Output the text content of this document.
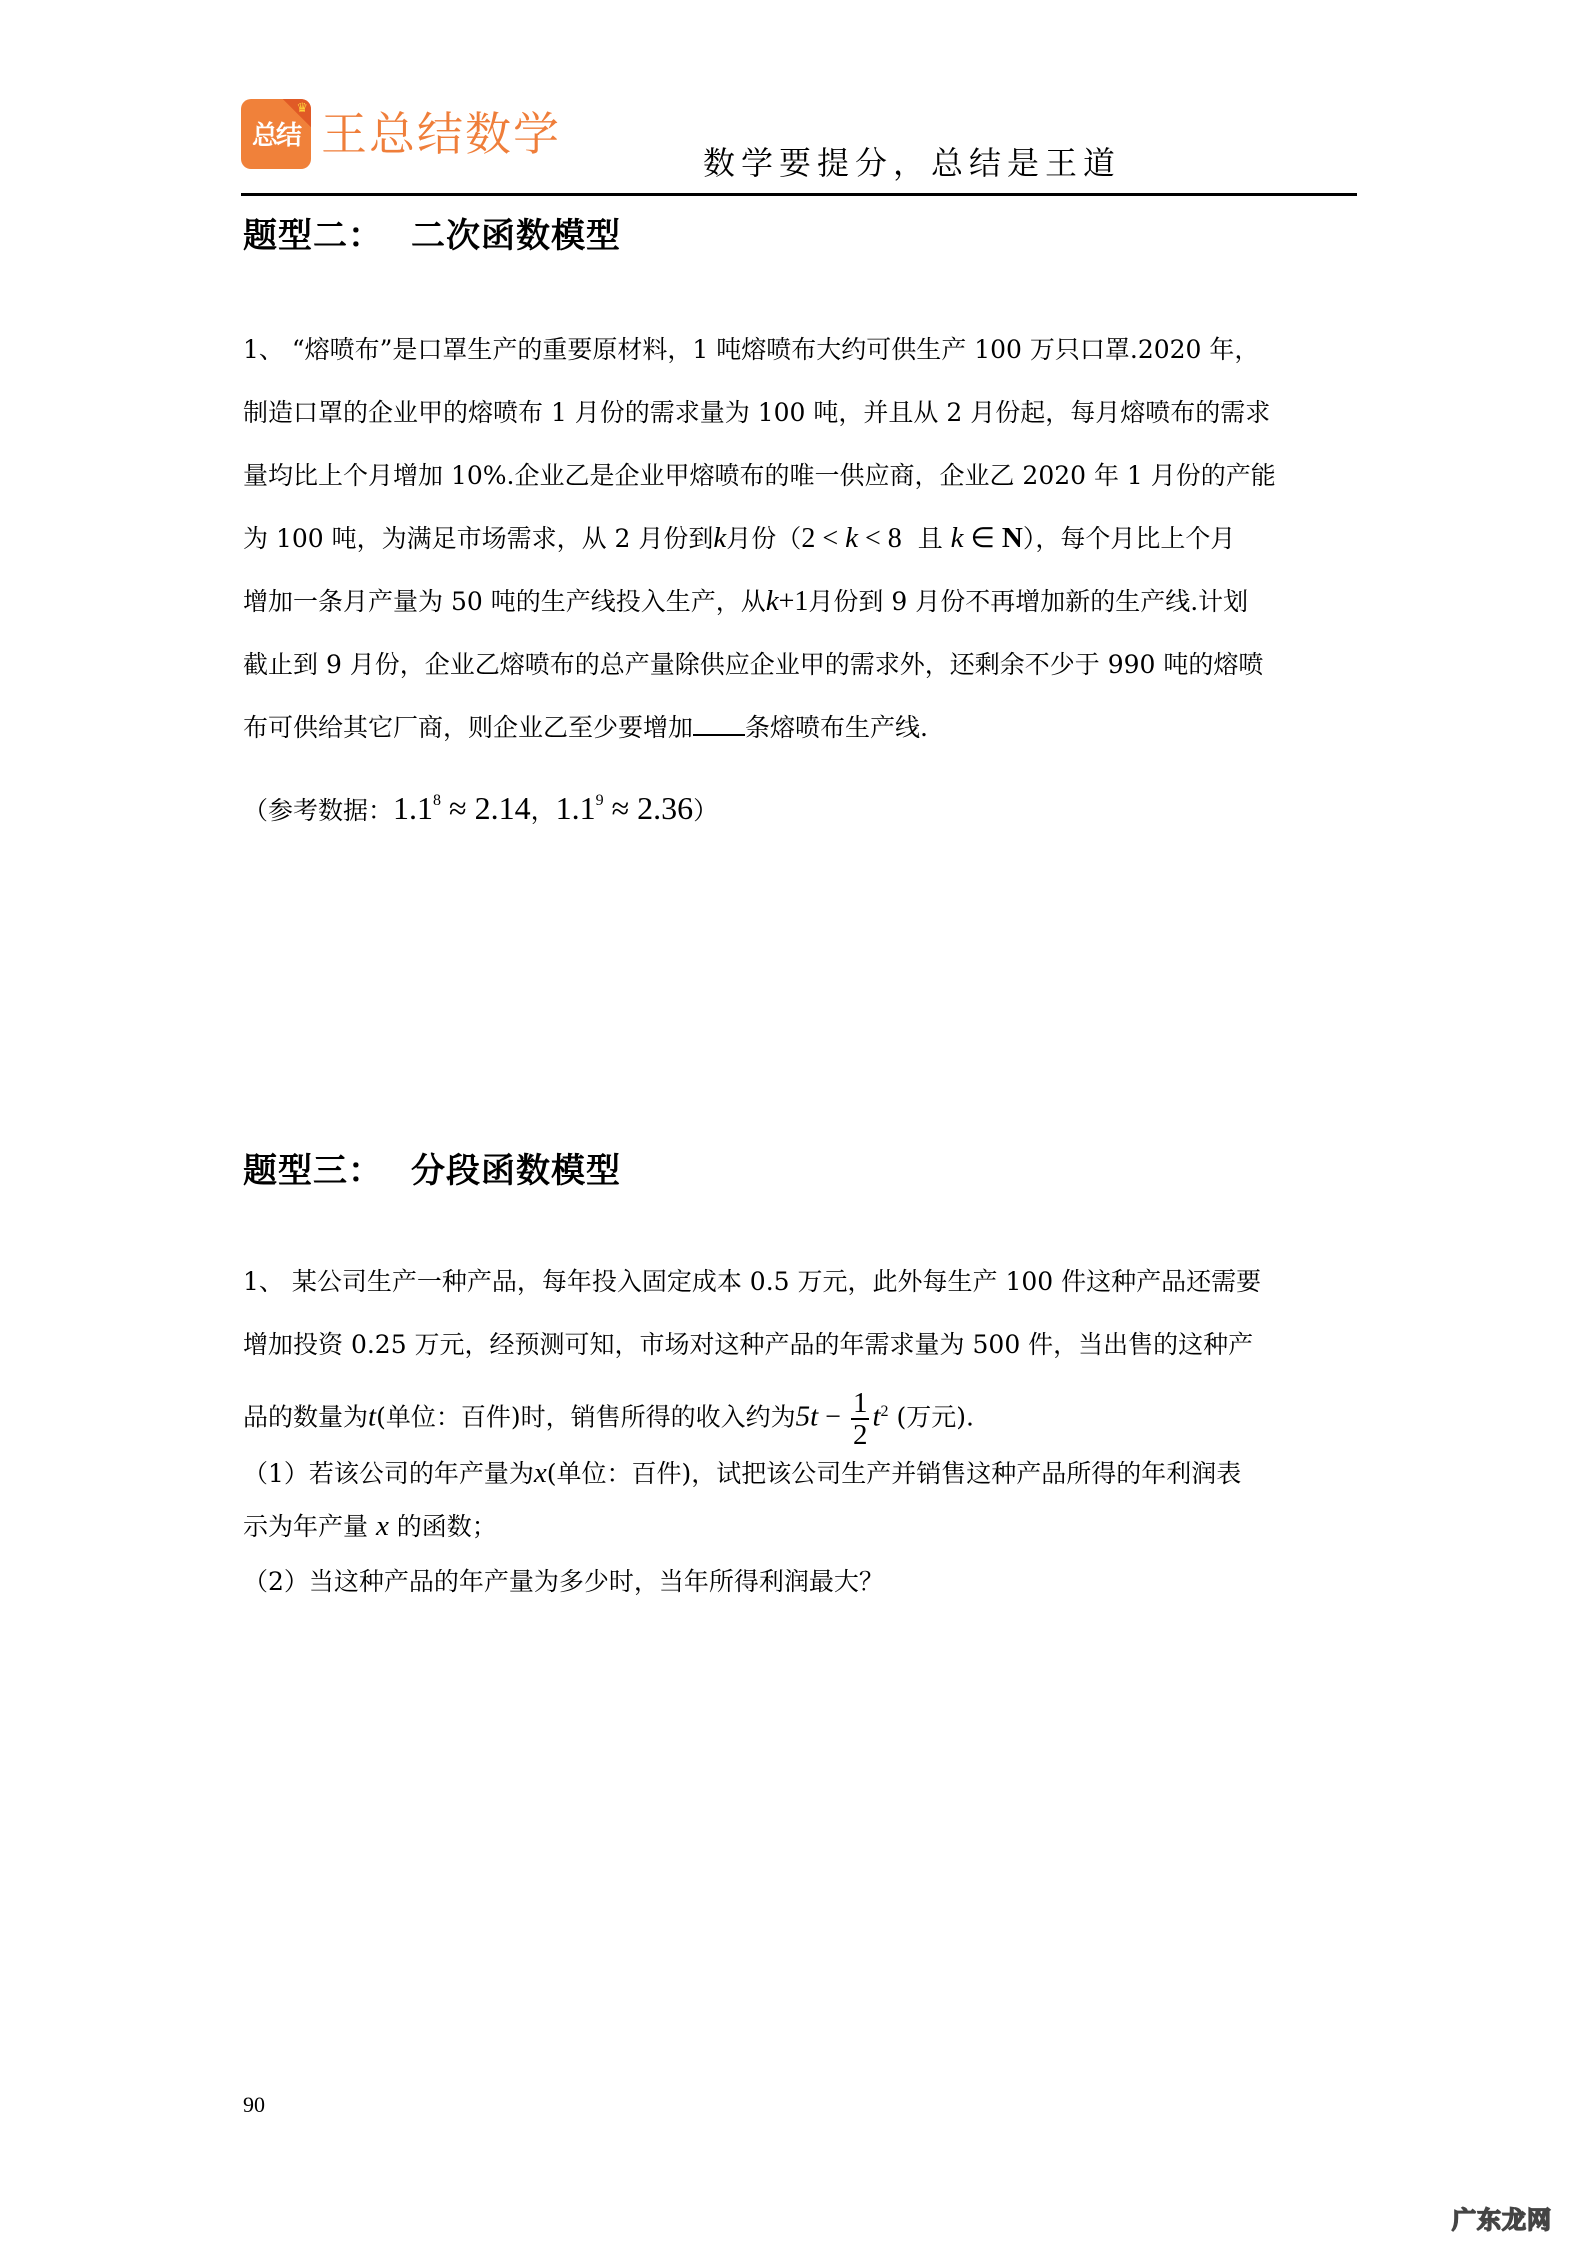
♛
总结 王总结数学
数学要提分，总结是王道
题型二： 二次函数模型
1、 “熔喷布”是口罩生产的重要原材料，1 吨熔喷布大约可供生产 100 万只口罩.2020 年，
制造口罩的企业甲的熔喷布 1 月份的需求量为 100 吨，并且从 2 月份起，每月熔喷布的需求
量均比上个月增加 10%.企业乙是企业甲熔喷布的唯一供应商，企业乙 2020 年 1 月份的产能
为 100 吨，为满足市场需求，从 2 月份到k月份（2 < k < 8 且 k ∈ N），每个月比上个月
增加一条月产量为 50 吨的生产线投入生产，从k+1月份到 9 月份不再增加新的生产线.计划
截止到 9 月份，企业乙熔喷布的总产量除供应企业甲的需求外，还剩余不少于 990 吨的熔喷
布可供给其它厂商，则企业乙至少要增加 条熔喷布生产线.
（参考数据：$1.1^8 \approx 2.14$，$1.1^9 \approx 2.36$）
题型三： 分段函数模型
1、 某公司生产一种产品，每年投入固定成本 0.5 万元，此外每生产 100 件这种产品还需要
增加投资 0.25 万元，经预测可知，市场对这种产品的年需求量为 500 件，当出售的这种产
品的数量为t(单位：百件)时，销售所得的收入约为$5t - \frac{1}{2} t^2$ (万元).
（1）若该公司的年产量为x(单位：百件)，试把该公司生产并销售这种产品所得的年利润表
示为年产量 x 的函数；
（2）当这种产品的年产量为多少时，当年所得利润最大？
90
广东龙网
